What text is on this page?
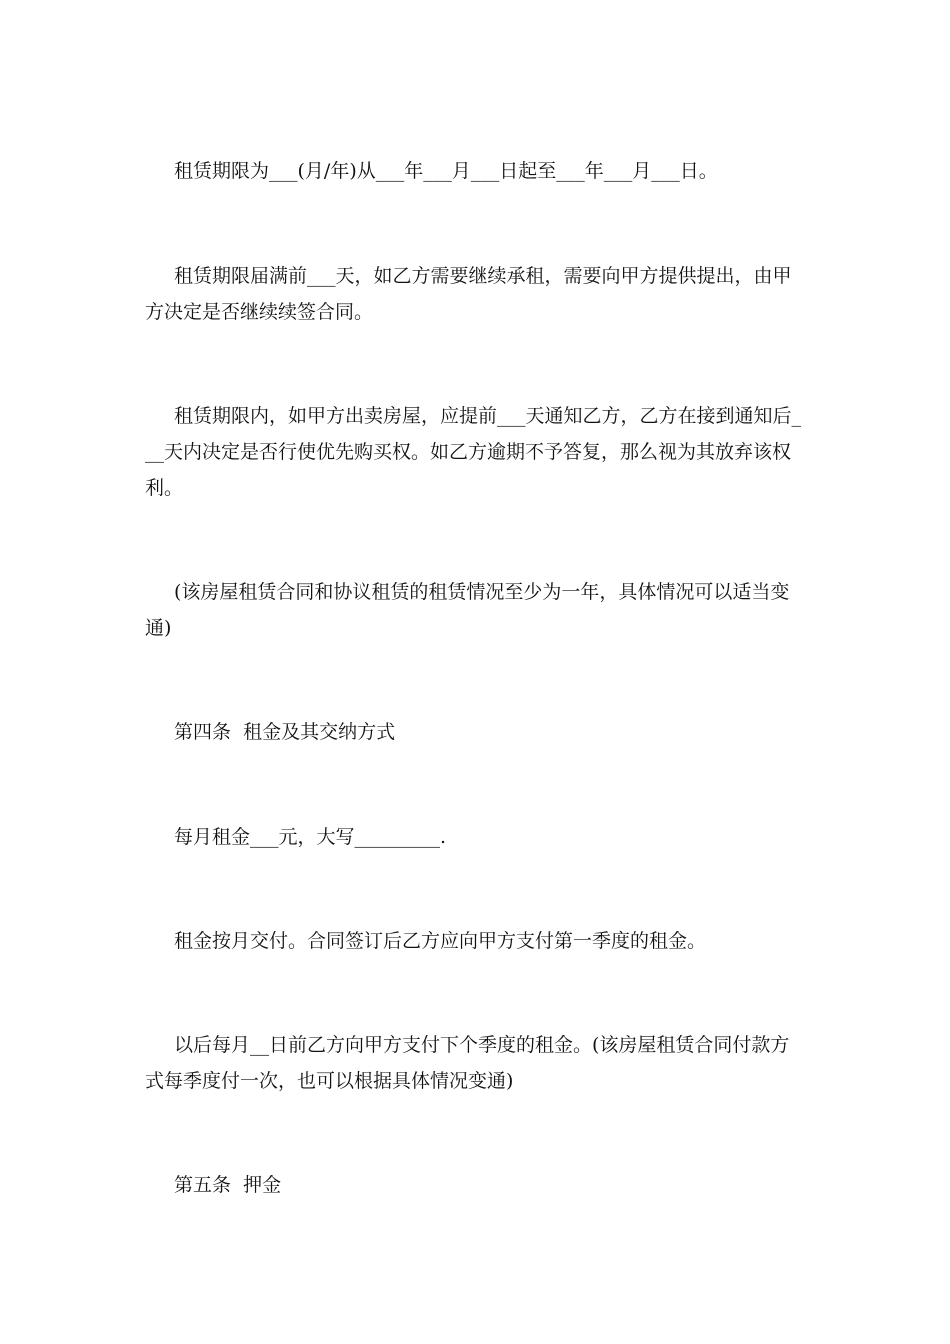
租赁期限为___(月/年)从___年___月___日起至___年___月___日。

租赁期限届满前___天，如乙方需要继续承租，需要向甲方提供提出，由甲方决定是否继续续签合同。

租赁期限内，如甲方出卖房屋，应提前___天通知乙方，乙方在接到通知后___天内决定是否行使优先购买权。如乙方逾期不予答复，那么视为其放弃该权利。

(该房屋租赁合同和协议租赁的租赁情况至少为一年，具体情况可以适当变通)

第四条  租金及其交纳方式

每月租金___元，大写_________.

租金按月交付。合同签订后乙方应向甲方支付第一季度的租金。

以后每月__日前乙方向甲方支付下个季度的租金。(该房屋租赁合同付款方式每季度付一次，也可以根据具体情况变通)

第五条  押金
